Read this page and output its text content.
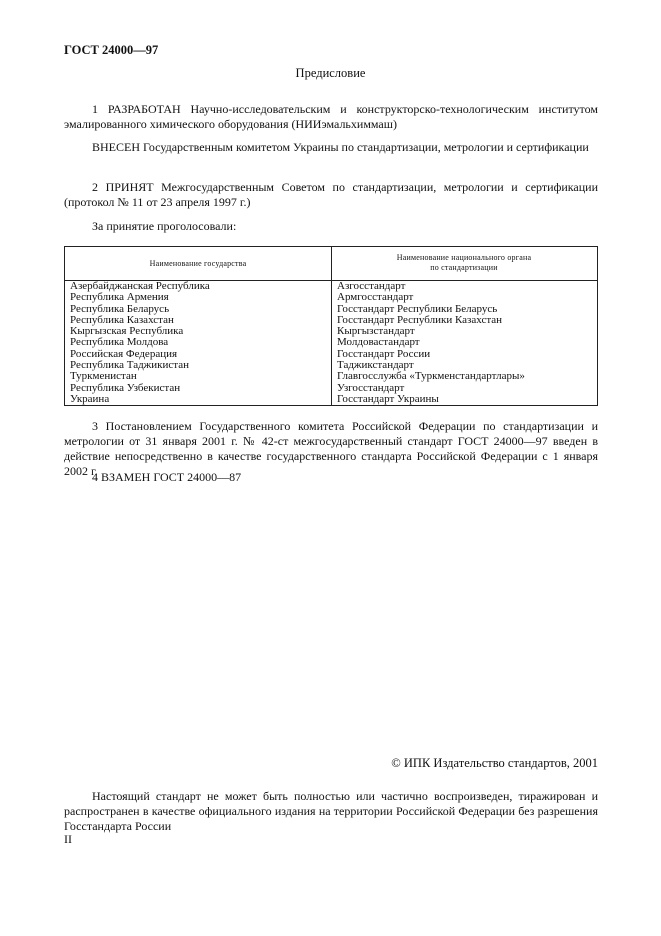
ГОСТ 24000—97
Предисловие
1 РАЗРАБОТАН Научно-исследовательским и конструкторско-технологическим институтом эмалированного химического оборудования (НИИэмальхиммаш)
ВНЕСЕН Государственным комитетом Украины по стандартизации, метрологии и сертификации
2 ПРИНЯТ Межгосударственным Советом по стандартизации, метрологии и сертификации (протокол № 11 от 23 апреля 1997 г.)
За принятие проголосовали:
Наименование государства
Наименование национального органа
по стандартизации
Азербайджанская Республика
Республика Армения
Республика Беларусь
Республика Казахстан
Кыргызская Республика
Республика Молдова
Российская Федерация
Республика Таджикистан
Туркменистан
Республика Узбекистан
Украина
Азгосстандарт
Армгосстандарт
Госстандарт Республики Беларусь
Госстандарт Республики Казахстан
Кыргызстандарт
Молдовастандарт
Госстандарт России
Таджикстандарт
Главгосслужба «Туркменстандартлары»
Узгосстандарт
Госстандарт Украины
3 Постановлением Государственного комитета Российской Федерации по стандартизации и метрологии от 31 января 2001 г. № 42-ст межгосударственный стандарт ГОСТ 24000—97 введен в действие непосредственно в качестве государственного стандарта Российской Федерации с 1 января 2002 г.
4 ВЗАМЕН ГОСТ 24000—87
© ИПК Издательство стандартов, 2001
Настоящий стандарт не может быть полностью или частично воспроизведен, тиражирован и распространен в качестве официального издания на территории Российской Федерации без разрешения Госстандарта России
II
